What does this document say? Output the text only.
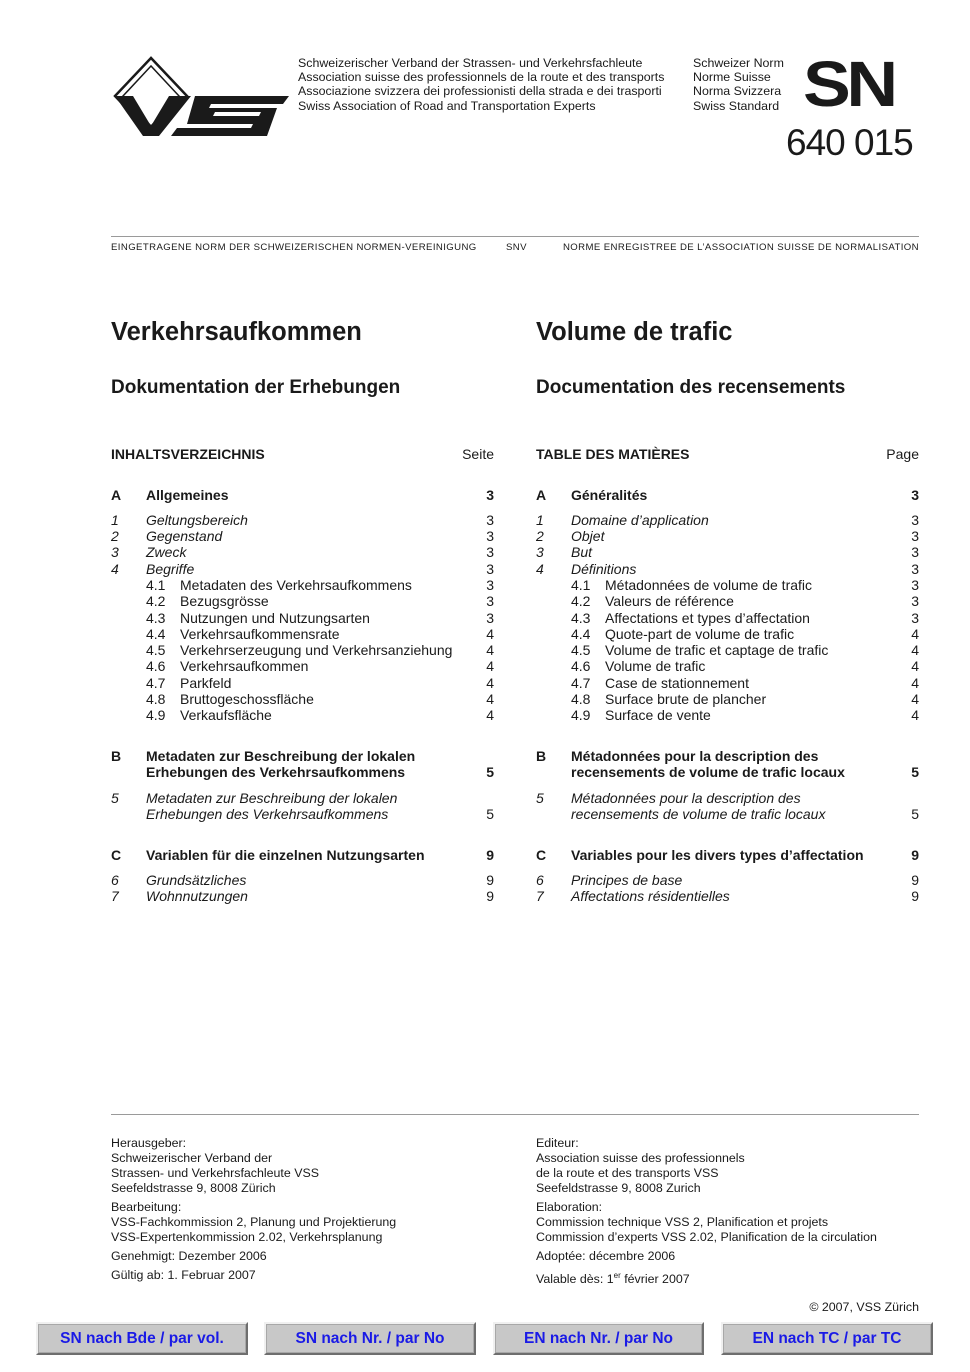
Schweizerischer Verband der Strassen- und Verkehrsfachleute
Association suisse des professionnels de la route et des transports
Associazione svizzera dei professionisti della strada e dei trasporti
Swiss Association of Road and Transportation Experts
Schweizer Norm
Norme Suisse
Norma Svizzera
Swiss Standard SN
640 015
EINGETRAGENE NORM DER SCHWEIZERISCHEN NORMEN-VEREINIGUNG	SNV	NORME ENREGISTREE DE L’ASSOCIATION SUISSE DE NORMALISATION
Verkehrsaufkommen	Volume de trafic
Dokumentation der Erhebungen	Documentation des recensements
INHALTSVERZEICHNIS	Seite
A Allgemeines	3
1 Geltungsbereich	3
2 Gegenstand	3
3 Zweck	3
4 Begriffe	3
4.1 Metadaten des Verkehrsaufkommens	3
4.2 Bezugsgrösse	3
4.3 Nutzungen und Nutzungsarten	3
4.4 Verkehrsaufkommensrate	4
4.5 Verkehrserzeugung und Verkehrsanziehung 4
4.6 Verkehrsaufkommen	4
4.7 Parkfeld	4
4.8 Bruttogeschossfläche	4
4.9 Verkaufsfläche	4
B Metadaten zur Beschreibung der lokalen
Erhebungen des Verkehrsaufkommens	5
5 Metadaten zur Beschreibung der lokalen
Erhebungen des Verkehrsaufkommens	5
C Variablen für die einzelnen Nutzungsarten	9
6 Grundsätzliches	9
7 Wohnnutzungen	9
TABLE DES MATIÈRES	Page
A Généralités	3
1 Domaine d’application	3
2 Objet	3
3 But	3
4 Définitions	3
4.1 Métadonnées de volume de trafic	3
4.2 Valeurs de référence	3
4.3 Affectations et types d’affectation	3
4.4 Quote-part de volume de trafic	4
4.5 Volume de trafic et captage de trafic	4
4.6 Volume de trafic	4
4.7 Case de stationnement	4
4.8 Surface brute de plancher	4
4.9 Surface de vente	4
B Métadonnées pour la description des
recensements de volume de trafic locaux	5
5 Métadonnées pour la description des
recensements de volume de trafic locaux	5
C Variables pour les divers types d’affectation	9
6 Principes de base	9
7 Affectations résidentielles	9
Herausgeber:
Schweizerischer Verband der
Strassen- und Verkehrsfachleute VSS
Seefeldstrasse 9, 8008 Zürich
Bearbeitung:
VSS-Fachkommission 2, Planung und Projektierung
VSS-Expertenkommission 2.02, Verkehrsplanung
Genehmigt: Dezember 2006
Gültig ab: 1. Februar 2007
Editeur:
Association suisse des professionnels
de la route et des transports VSS
Seefeldstrasse 9, 8008 Zurich
Elaboration:
Commission technique VSS 2, Planification et projets
Commission d’experts VSS 2.02, Planification de la circulation
Adoptée: décembre 2006
Valable dès: 1er février 2007
© 2007, VSS Zürich
SN nach Bde / par vol.	SN nach Nr. / par No	EN nach Nr. / par No	EN nach TC / par TC
